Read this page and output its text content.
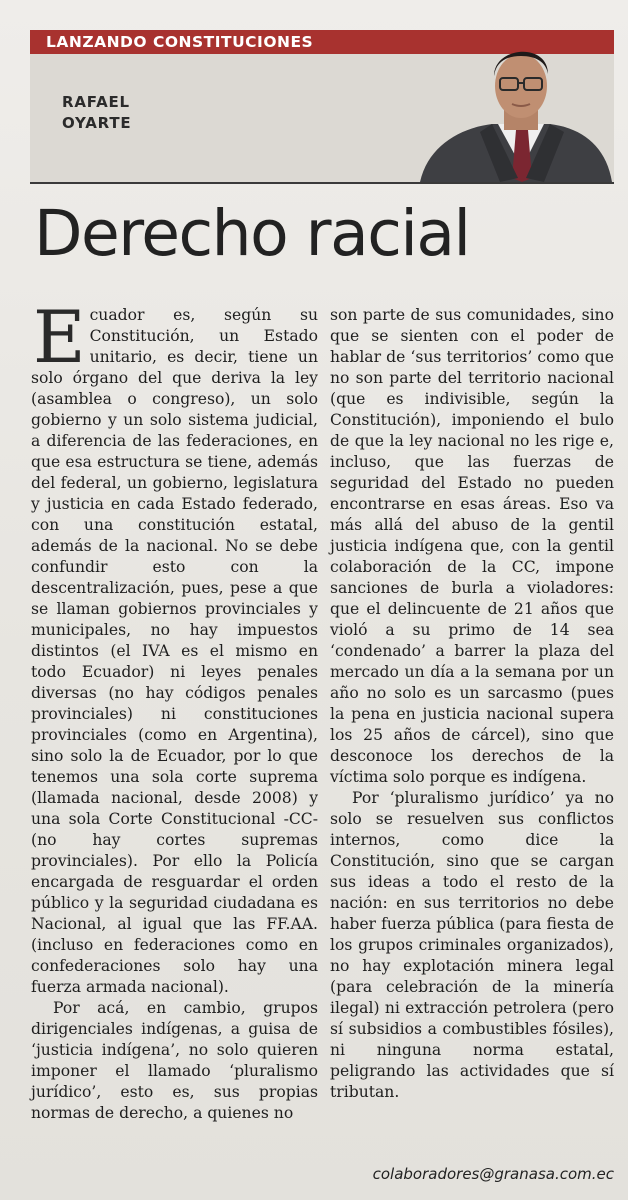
LANZANDO CONSTITUCIONES
RAFAEL
OYARTE
Derecho racial

Ecuador es, según su Constitución, un Estado unitario, es decir, tiene un solo órgano del que deriva la ley (asamblea o congreso), un solo gobierno y un solo sistema judicial, a diferencia de las federaciones, en que esa estructura se tiene, además del federal, un gobierno, legislatura y justicia en cada Estado federado, con una constitución estatal, además de la nacional. No se debe confundir esto con la descentralización, pues, pese a que se llaman gobiernos provinciales y municipales, no hay impuestos distintos (el IVA es el mismo en todo Ecuador) ni leyes penales diversas (no hay códigos penales provinciales) ni constituciones provinciales (como en Argentina), sino solo la de Ecuador, por lo que tenemos una sola corte suprema (llamada nacional, desde 2008) y una sola Corte Constitucional -CC- (no hay cortes supremas provinciales). Por ello la Policía encargada de resguardar el orden público y la seguridad ciudadana es Nacional, al igual que las FF.AA. (incluso en federaciones como en confederaciones solo hay una fuerza armada nacional).

Por acá, en cambio, grupos dirigenciales indígenas, a guisa de ‘justicia indígena’, no solo quieren imponer el llamado ‘pluralismo jurídico’, esto es, sus propias normas de derecho, a quienes no

son parte de sus comunidades, sino que se sienten con el poder de hablar de ‘sus territorios’ como que no son parte del territorio nacional (que es indivisible, según la Constitución), imponiendo el bulo de que la ley nacional no les rige e, incluso, que las fuerzas de seguridad del Estado no pueden encontrarse en esas áreas. Eso va más allá del abuso de la gentil justicia indígena que, con la gentil colaboración de la CC, impone sanciones de burla a violadores: que el delincuente de 21 años que violó a su primo de 14 sea ‘condenado’ a barrer la plaza del mercado un día a la semana por un año no solo es un sarcasmo (pues la pena en justicia nacional supera los 25 años de cárcel), sino que desconoce los derechos de la víctima solo porque es indígena.

Por ‘pluralismo jurídico’ ya no solo se resuelven sus conflictos internos, como dice la Constitución, sino que se cargan sus ideas a todo el resto de la nación: en sus territorios no debe haber fuerza pública (para fiesta de los grupos criminales organizados), no hay explotación minera legal (para celebración de la minería ilegal) ni extracción petrolera (pero sí subsidios a combustibles fósiles), ni ninguna norma estatal, peligrando las actividades que sí tributan.

colaboradores@granasa.com.ec
